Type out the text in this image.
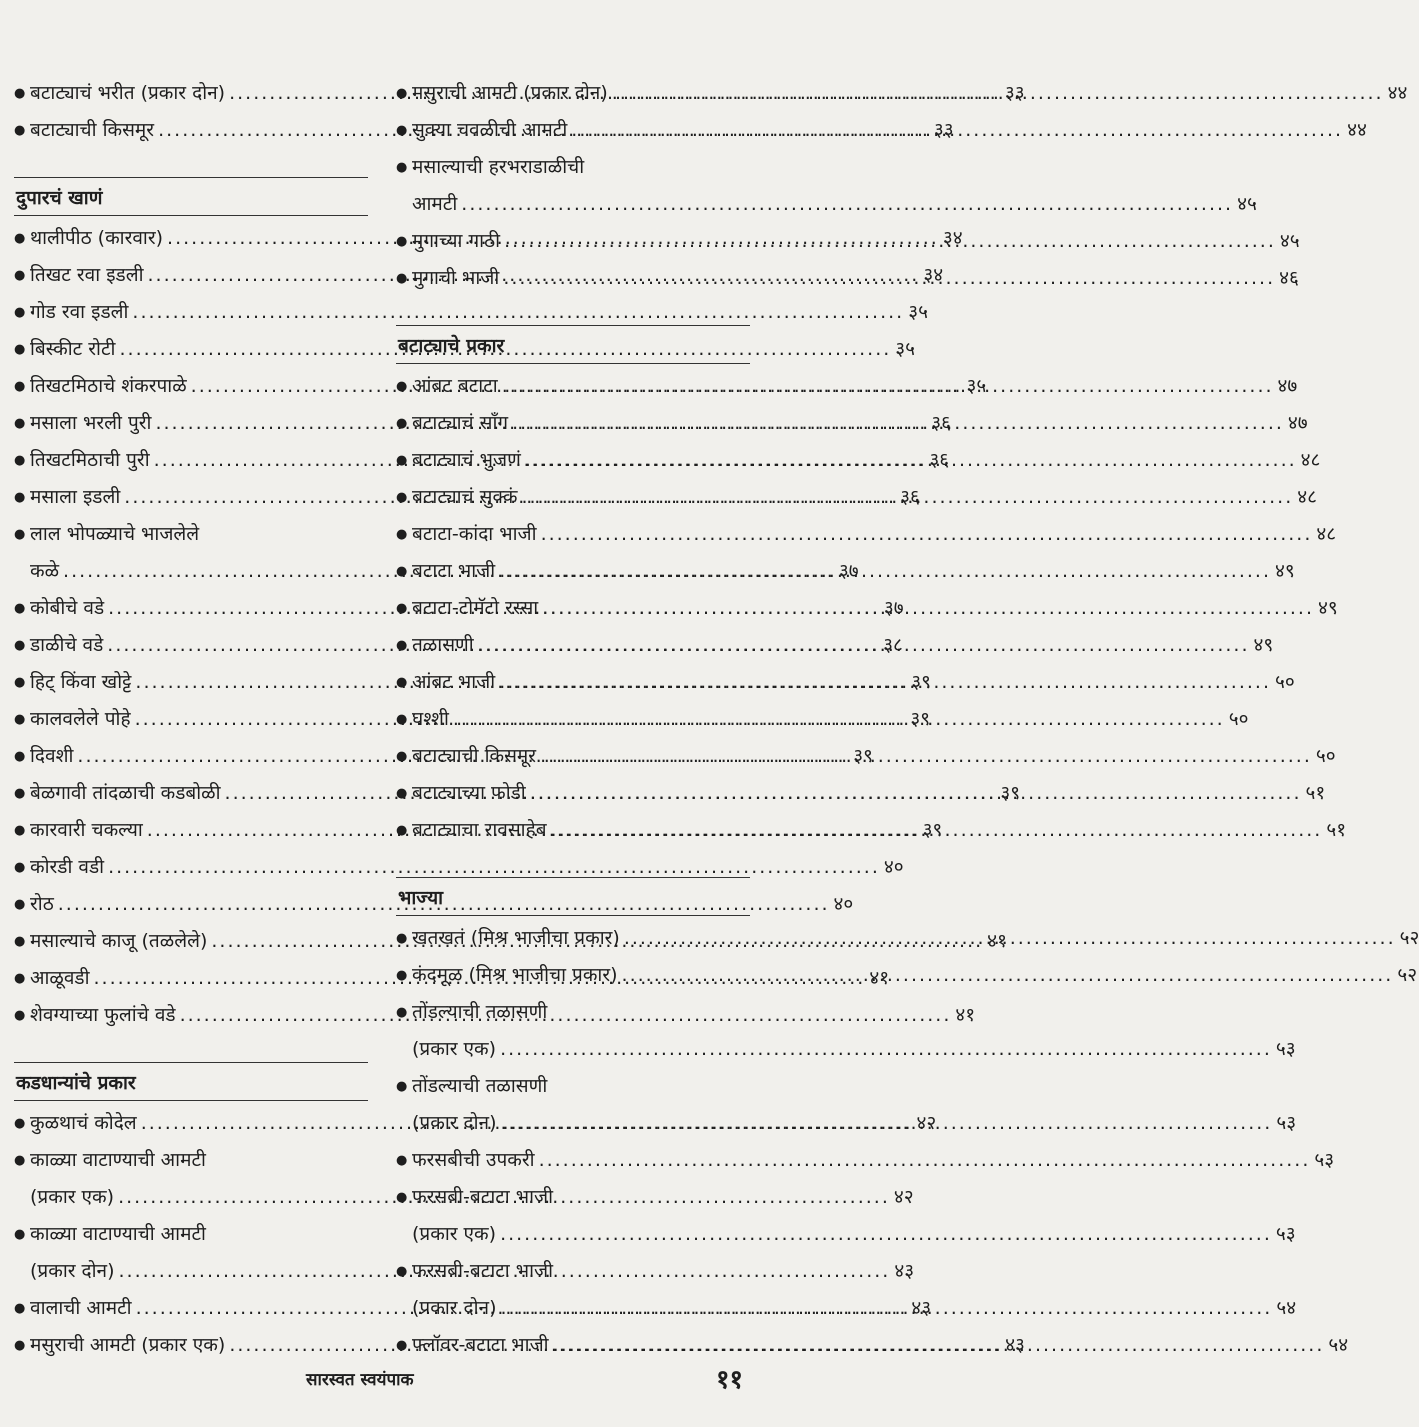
● बटाट्याचं भरीत (प्रकार दोन) .....	३३
● बटाट्याची किसमूर .....	३३
दुपारचं खाणं
● थालीपीठ (कारवार) .....	३४
● तिखट रवा इडली .....	३४
● गोड रवा इडली .....	३५
● बिस्कीट रोटी .....	३५
● तिखटमिठाचे शंकरपाळे .....	३५
● मसाला भरली पुरी .....	३६
● तिखटमिठाची पुरी .....	३६
● मसाला इडली .....	३६
● लाल भोपळ्याचे भाजलेले
कळे .....	३७
● कोबीचे वडे .....	३७
● डाळीचे वडे .....	३८
● हिट् किंवा खोट्टे .....	३९
● कालवलेले पोहे .....	३९
● दिवशी .....	३९
● बेळगावी तांदळाची कडबोळी .....	३९
● कारवारी चकल्या .....	३९
● कोरडी वडी .....	४०
● रोठ .....	४०
● मसाल्याचे काजू (तळलेले) .....	४१
● आळूवडी .....	४१
● शेवग्याच्या फुलांचे वडे .....	४१
कडधान्यांचे प्रकार
● कुळथाचं कोदेल .....	४२
● काळ्या वाटाण्याची आमटी
(प्रकार एक) .....	४२
● काळ्या वाटाण्याची आमटी
(प्रकार दोन) .....	४३
● वालाची आमटी .....	४३
● मसुराची आमटी (प्रकार एक) .....	४३
● मसुराची आमटी (प्रकार दोन) .....	४४
● सुक्या चवळीची आमटी .....	४४
● मसाल्याची हरभराडाळीची
आमटी .....	४५
● मुगाच्या गाठी .....	४५
● मुगाची भाजी .....	४६
बटाट्याचे प्रकार
● आंबट बटाटा .....	४७
● बटाट्याचं साँग .....	४७
● बटाट्याचं भुजणं .....	४८
● बटाट्याचं सुक्कं .....	४८
● बटाटा-कांदा भाजी .....	४८
● बटाटा भाजी .....	४९
● बटाटा-टोमॅटो रस्सा .....	४९
● तळासणी .....	४९
● आंबट भाजी .....	५०
● घश्शी .....	५०
● बटाट्याची किसमूर .....	५०
● बटाट्याच्या फोडी .....	५१
● बटाट्याचा रावसाहेब .....	५१
भाज्या
● खतखतं (मिश्र भाजीचा प्रकार) .....	५२
● कंदमूळ (मिश्र भाजीचा प्रकार) .....	५२
● तोंडल्याची तळासणी
(प्रकार एक) .....	५३
● तोंडल्याची तळासणी
(प्रकार दोन) .....	५३
● फरसबीची उपकरी .....	५३
● फरसबी-बटाटा भाजी
(प्रकार एक) .....	५३
● फरसबी-बटाटा भाजी
(प्रकार दोन) .....	५४
● फ्लॉवर-बटाटा भाजी .....	५४
सारस्वत स्वयंपाक	११
